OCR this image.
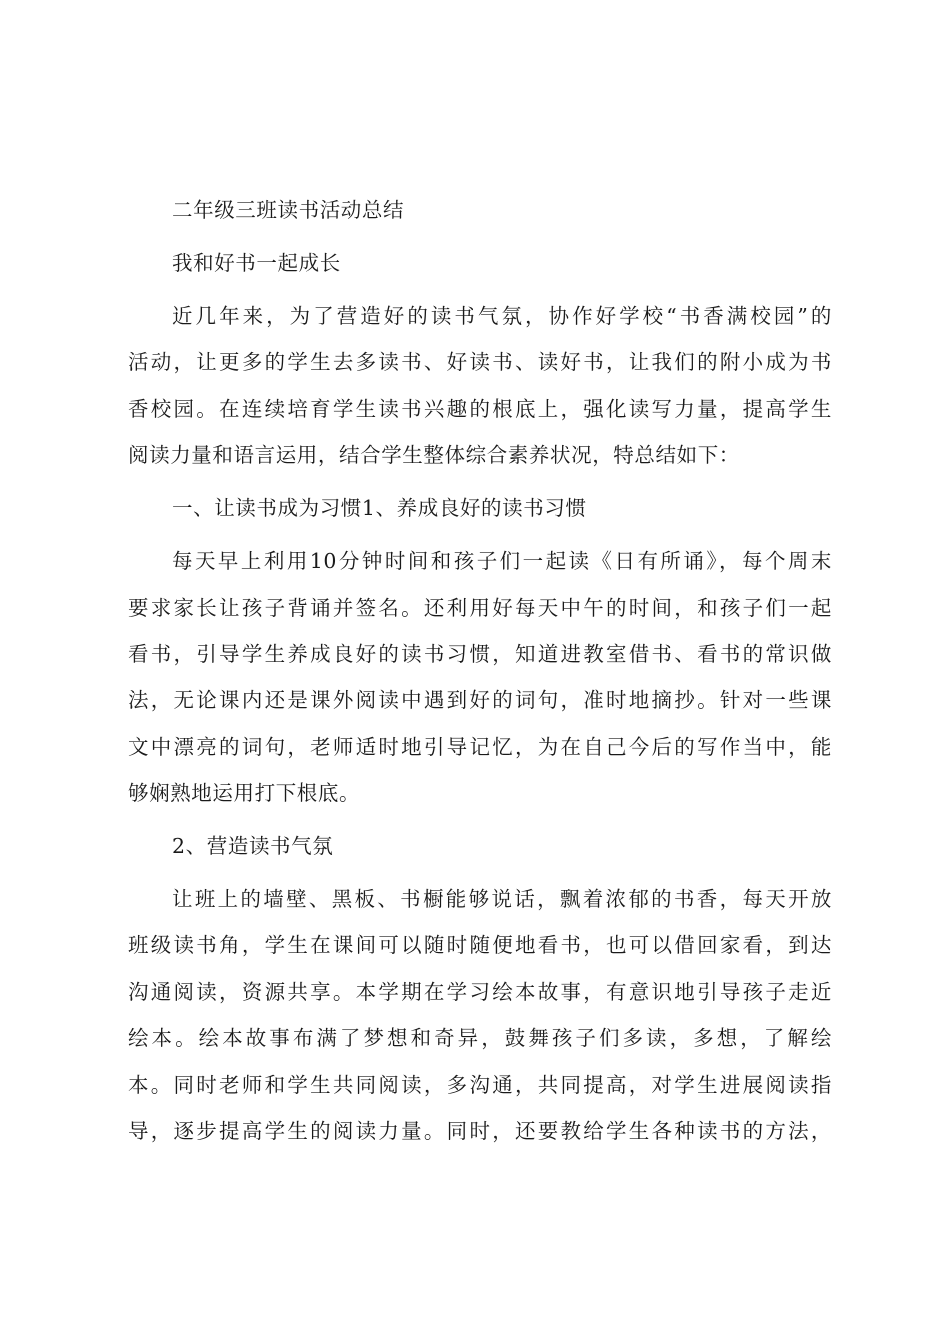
二年级三班读书活动总结
我和好书一起成长
近几年来，为了营造好的读书气氛，协作好学校“书香满校园”的
活动，让更多的学生去多读书、好读书、读好书，让我们的附小成为书
香校园。在连续培育学生读书兴趣的根底上，强化读写力量，提高学生
阅读力量和语言运用，结合学生整体综合素养状况，特总结如下：
一、让读书成为习惯1、养成良好的读书习惯
每天早上利用10分钟时间和孩子们一起读《日有所诵》，每个周末
要求家长让孩子背诵并签名。还利用好每天中午的时间，和孩子们一起
看书，引导学生养成良好的读书习惯，知道进教室借书、看书的常识做
法，无论课内还是课外阅读中遇到好的词句，准时地摘抄。针对一些课
文中漂亮的词句，老师适时地引导记忆，为在自己今后的写作当中，能
够娴熟地运用打下根底。
2、营造读书气氛
让班上的墙壁、黑板、书橱能够说话，飘着浓郁的书香，每天开放
班级读书角，学生在课间可以随时随便地看书，也可以借回家看，到达
沟通阅读，资源共享。本学期在学习绘本故事，有意识地引导孩子走近
绘本。绘本故事布满了梦想和奇异，鼓舞孩子们多读，多想，了解绘
本。同时老师和学生共同阅读，多沟通，共同提高，对学生进展阅读指
导，逐步提高学生的阅读力量。同时，还要教给学生各种读书的方法，
